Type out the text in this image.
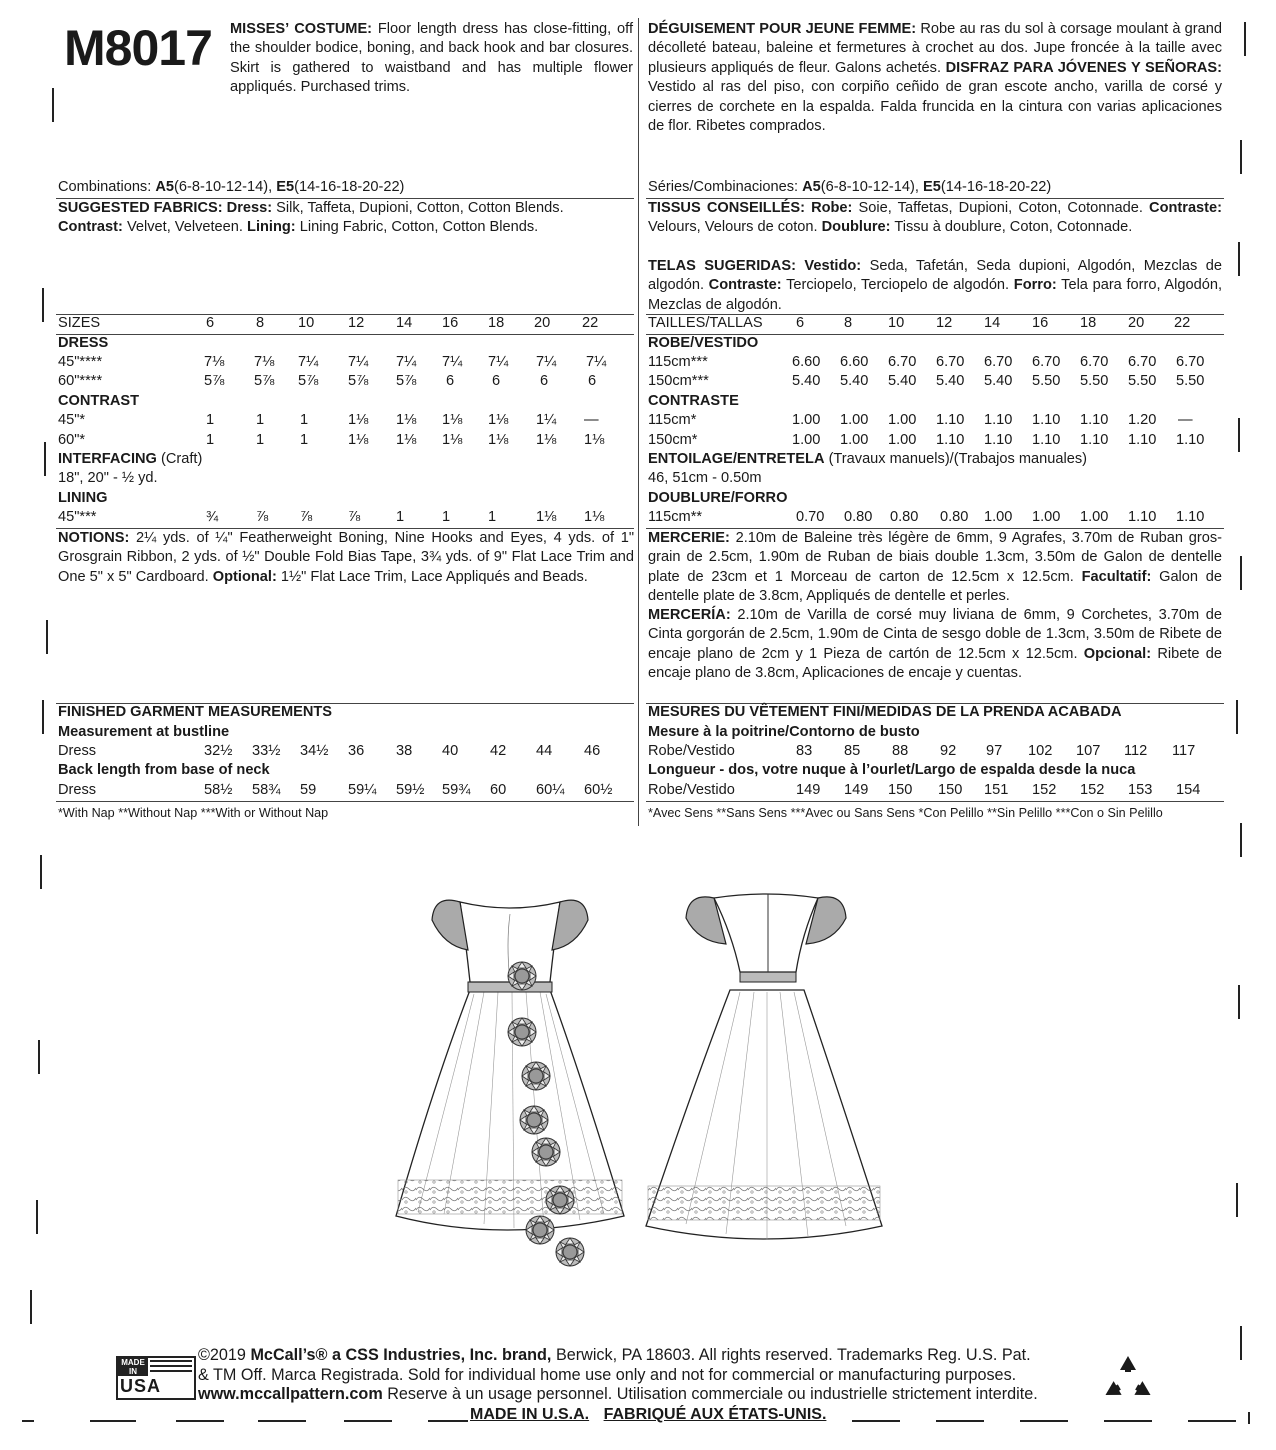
M8017 MISSES’ COSTUME: Floor length dress has close-fitting, off the shoulder bodice, boning, and back hook and bar closures. Skirt is gathered to waistband and has multiple flower appliqués. Purchased trims.
Combinations: A5(6-8-10-12-14), E5(14-16-18-20-22)
SUGGESTED FABRICS: Dress: Silk, Taffeta, Dupioni, Cotton, Cotton Blends.
Contrast: Velvet, Velveteen. Lining: Lining Fabric, Cotton, Cotton Blends.
SIZES	6	8 10 12 14 16 18 20 22
DRESS
45"****	7⅛ 7⅛ 7¼ 7¼ 7¼ 7¼ 7¼ 7¼ 7¼
60"****	5⅞ 5⅞ 5⅞ 5⅞ 5⅞ 6	6	6	6
CONTRAST
45"*	1	1 1	1⅛ 1⅛ 1⅛ 1⅛ 1¼ —
60"*	1	1 1	1⅛ 1⅛ 1⅛ 1⅛ 1⅛ 1⅛
INTERFACING (Craft)
18", 20" - ½ yd.
LINING
45"***	¾	⅞ ⅞ ⅞ 1	1	1	1⅛ 1⅛
NOTIONS: 2¼ yds. of ¼" Featherweight Boning, Nine Hooks and Eyes, 4 yds. of 1" Grosgrain Ribbon, 2 yds. of ½" Double Fold Bias Tape, 3¾ yds. of 9" Flat Lace Trim and One 5" x 5" Cardboard. Optional: 1½" Flat Lace Trim, Lace Appliqués and Beads.
FINISHED GARMENT MEASUREMENTS
Measurement at bustline
Dress	32½ 33½ 34½ 36 38 40 42 44 46
Back length from base of neck
Dress	58½ 58¾ 59 59¼ 59½ 59¾ 60 60¼ 60½
*With Nap **Without Nap ***With or Without Nap
DÉGUISEMENT POUR JEUNE FEMME: Robe au ras du sol à corsage moulant à grand décolleté bateau, baleine et fermetures à crochet au dos. Jupe froncée à la taille avec plusieurs appliqués de fleur. Galons achetés. DISFRAZ PARA JÓVENES Y SEÑORAS: Vestido al ras del piso, con corpiño ceñido de gran escote ancho, varilla de corsé y cierres de corchete en la espalda. Falda fruncida en la cintura con varias aplicaciones de flor. Ribetes comprados.
Séries/Combinaciones: A5(6-8-10-12-14), E5(14-16-18-20-22)
TISSUS CONSEILLÉS: Robe: Soie, Taffetas, Dupioni, Coton, Cotonnade. Contraste: Velours, Velours de coton. Doublure: Tissu à doublure, Coton, Cotonnade.
TELAS SUGERIDAS: Vestido: Seda, Tafetán, Seda dupioni, Algodón, Mezclas de algodón. Contraste: Terciopelo, Terciopelo de algodón. Forro: Tela para forro, Algodón, Mezclas de algodón.
TAILLES/TALLAS 6	8 10 12 14 16 18 20 22
ROBE/VESTIDO
115cm***	6.60 6.60 6.70 6.70 6.70 6.70 6.70 6.70 6.70
150cm***	5.40 5.40 5.40 5.40 5.40 5.50 5.50 5.50 5.50
CONTRASTE
115cm*	1.00 1.00 1.00 1.10 1.10 1.10 1.10 1.20 —
150cm*	1.00 1.00 1.00 1.10 1.10 1.10 1.10 1.10 1.10
ENTOILAGE/ENTRETELA (Travaux manuels)/(Trabajos manuales)
46, 51cm - 0.50m
DOUBLURE/FORRO
115cm**	0.70 0.80 0.80 0.80 1.00 1.00 1.00 1.10 1.10
MERCERIE: 2.10m de Baleine très légère de 6mm, 9 Agrafes, 3.70m de Ruban gros-grain de 2.5cm, 1.90m de Ruban de biais double 1.3cm, 3.50m de Galon de dentelle plate de 23cm et 1 Morceau de carton de 12.5cm x 12.5cm. Facultatif: Galon de dentelle plate de 3.8cm, Appliqués de dentelle et perles.
MERCERÍA: 2.10m de Varilla de corsé muy liviana de 6mm, 9 Corchetes, 3.70m de Cinta gorgorán de 2.5cm, 1.90m de Cinta de sesgo doble de 1.3cm, 3.50m de Ribete de encaje plano de 2cm y 1 Pieza de cartón de 12.5cm x 12.5cm. Opcional: Ribete de encaje plano de 3.8cm, Aplicaciones de encaje y cuentas.
MESURES DU VÊTEMENT FINI/MEDIDAS DE LA PRENDA ACABADA
Mesure à la poitrine/Contorno de busto
Robe/Vestido	83 85 88 92 97 102 107 112 117
Longueur - dos, votre nuque à l’ourlet/Largo de espalda desde la nuca
Robe/Vestido	149 149 150 150 151 152 152 153 154
*Avec Sens **Sans Sens ***Avec ou Sans Sens *Con Pelillo **Sin Pelillo ***Con o Sin Pelillo
MADE IN
USA
©2019 McCall’s® a CSS Industries, Inc. brand, Berwick, PA 18603. All rights reserved. Trademarks Reg. U.S. Pat.
& TM Off. Marca Registrada. Sold for individual home use only and not for commercial or manufacturing purposes.
www.mccallpattern.com Reserve à un usage personnel. Utilisation commerciale ou industrielle strictement interdite.
MADE IN U.S.A. FABRIQUÉ AUX ÉTATS-UNIS.
